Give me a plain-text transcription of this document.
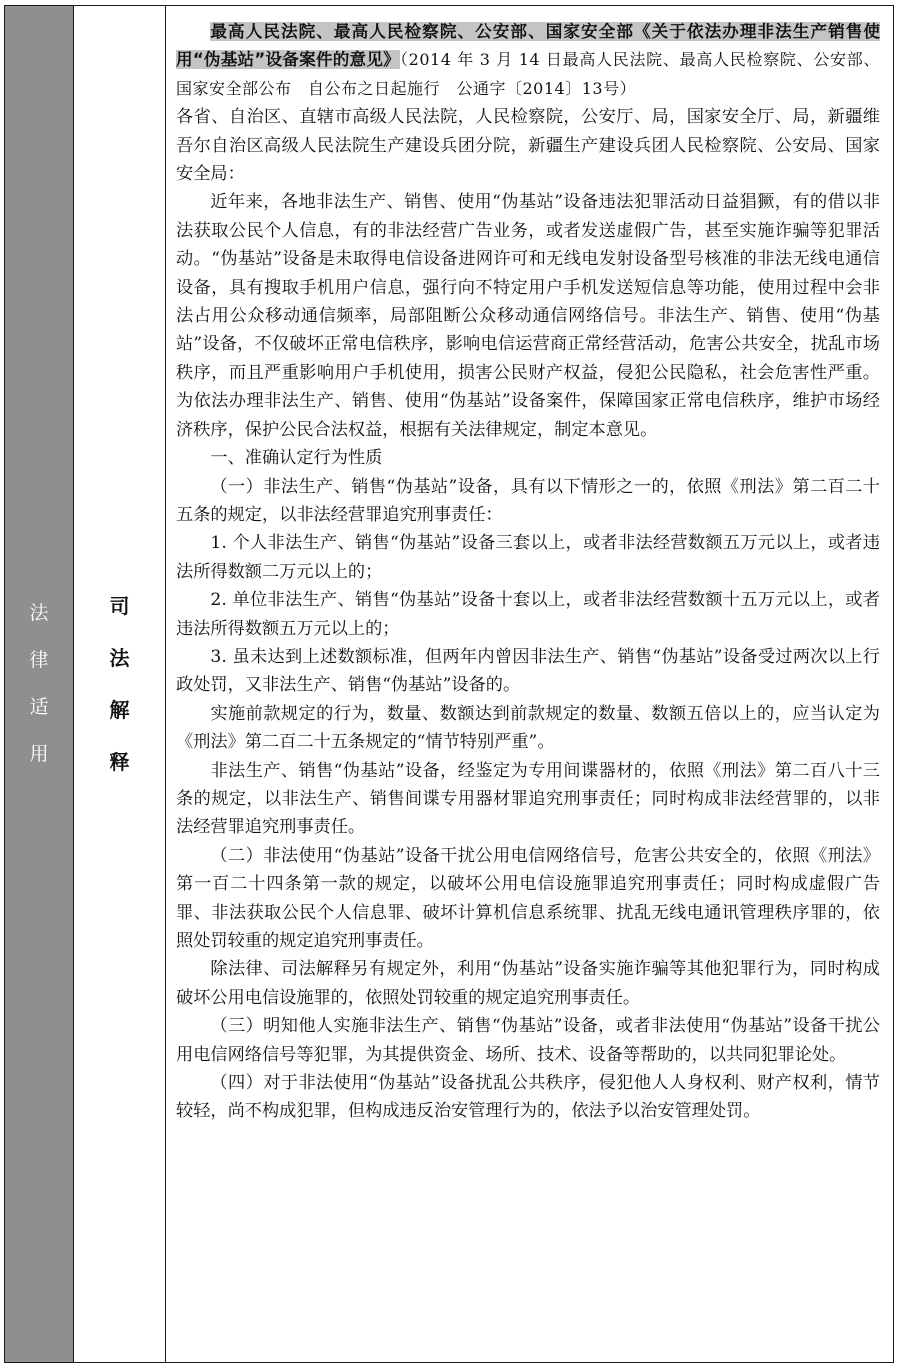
法
律
适
用
司
法
解
释

最高人民法院、最高人民检察院、公安部、国家安全部《关于依法办理非法生产销售使用“伪基站”设备案件的意见》（2014 年 3 月 14 日最高人民法院、最高人民检察院、公安部、国家安全部公布　自公布之日起施行　公通字〔2014〕13号）

各省、自治区、直辖市高级人民法院，人民检察院，公安厅、局，国家安全厅、局，新疆维吾尔自治区高级人民法院生产建设兵团分院，新疆生产建设兵团人民检察院、公安局、国家安全局：

近年来，各地非法生产、销售、使用“伪基站”设备违法犯罪活动日益猖獗，有的借以非法获取公民个人信息，有的非法经营广告业务，或者发送虚假广告，甚至实施诈骗等犯罪活动。“伪基站”设备是未取得电信设备进网许可和无线电发射设备型号核准的非法无线电通信设备，具有搜取手机用户信息，强行向不特定用户手机发送短信息等功能，使用过程中会非法占用公众移动通信频率，局部阻断公众移动通信网络信号。非法生产、销售、使用“伪基站”设备，不仅破坏正常电信秩序，影响电信运营商正常经营活动，危害公共安全，扰乱市场秩序，而且严重影响用户手机使用，损害公民财产权益，侵犯公民隐私，社会危害性严重。为依法办理非法生产、销售、使用“伪基站”设备案件，保障国家正常电信秩序，维护市场经济秩序，保护公民合法权益，根据有关法律规定，制定本意见。

一、准确认定行为性质

（一）非法生产、销售“伪基站”设备，具有以下情形之一的，依照《刑法》第二百二十五条的规定，以非法经营罪追究刑事责任：

1. 个人非法生产、销售“伪基站”设备三套以上，或者非法经营数额五万元以上，或者违法所得数额二万元以上的；

2. 单位非法生产、销售“伪基站”设备十套以上，或者非法经营数额十五万元以上，或者违法所得数额五万元以上的；

3. 虽未达到上述数额标准，但两年内曾因非法生产、销售“伪基站”设备受过两次以上行政处罚，又非法生产、销售“伪基站”设备的。

实施前款规定的行为，数量、数额达到前款规定的数量、数额五倍以上的，应当认定为《刑法》第二百二十五条规定的“情节特别严重”。

非法生产、销售“伪基站”设备，经鉴定为专用间谍器材的，依照《刑法》第二百八十三条的规定，以非法生产、销售间谍专用器材罪追究刑事责任；同时构成非法经营罪的，以非法经营罪追究刑事责任。

（二）非法使用“伪基站”设备干扰公用电信网络信号，危害公共安全的，依照《刑法》第一百二十四条第一款的规定，以破坏公用电信设施罪追究刑事责任；同时构成虚假广告罪、非法获取公民个人信息罪、破坏计算机信息系统罪、扰乱无线电通讯管理秩序罪的，依照处罚较重的规定追究刑事责任。

除法律、司法解释另有规定外，利用“伪基站”设备实施诈骗等其他犯罪行为，同时构成破坏公用电信设施罪的，依照处罚较重的规定追究刑事责任。

（三）明知他人实施非法生产、销售“伪基站”设备，或者非法使用“伪基站”设备干扰公用电信网络信号等犯罪，为其提供资金、场所、技术、设备等帮助的，以共同犯罪论处。

（四）对于非法使用“伪基站”设备扰乱公共秩序，侵犯他人人身权利、财产权利，情节较轻，尚不构成犯罪，但构成违反治安管理行为的，依法予以治安管理处罚。
